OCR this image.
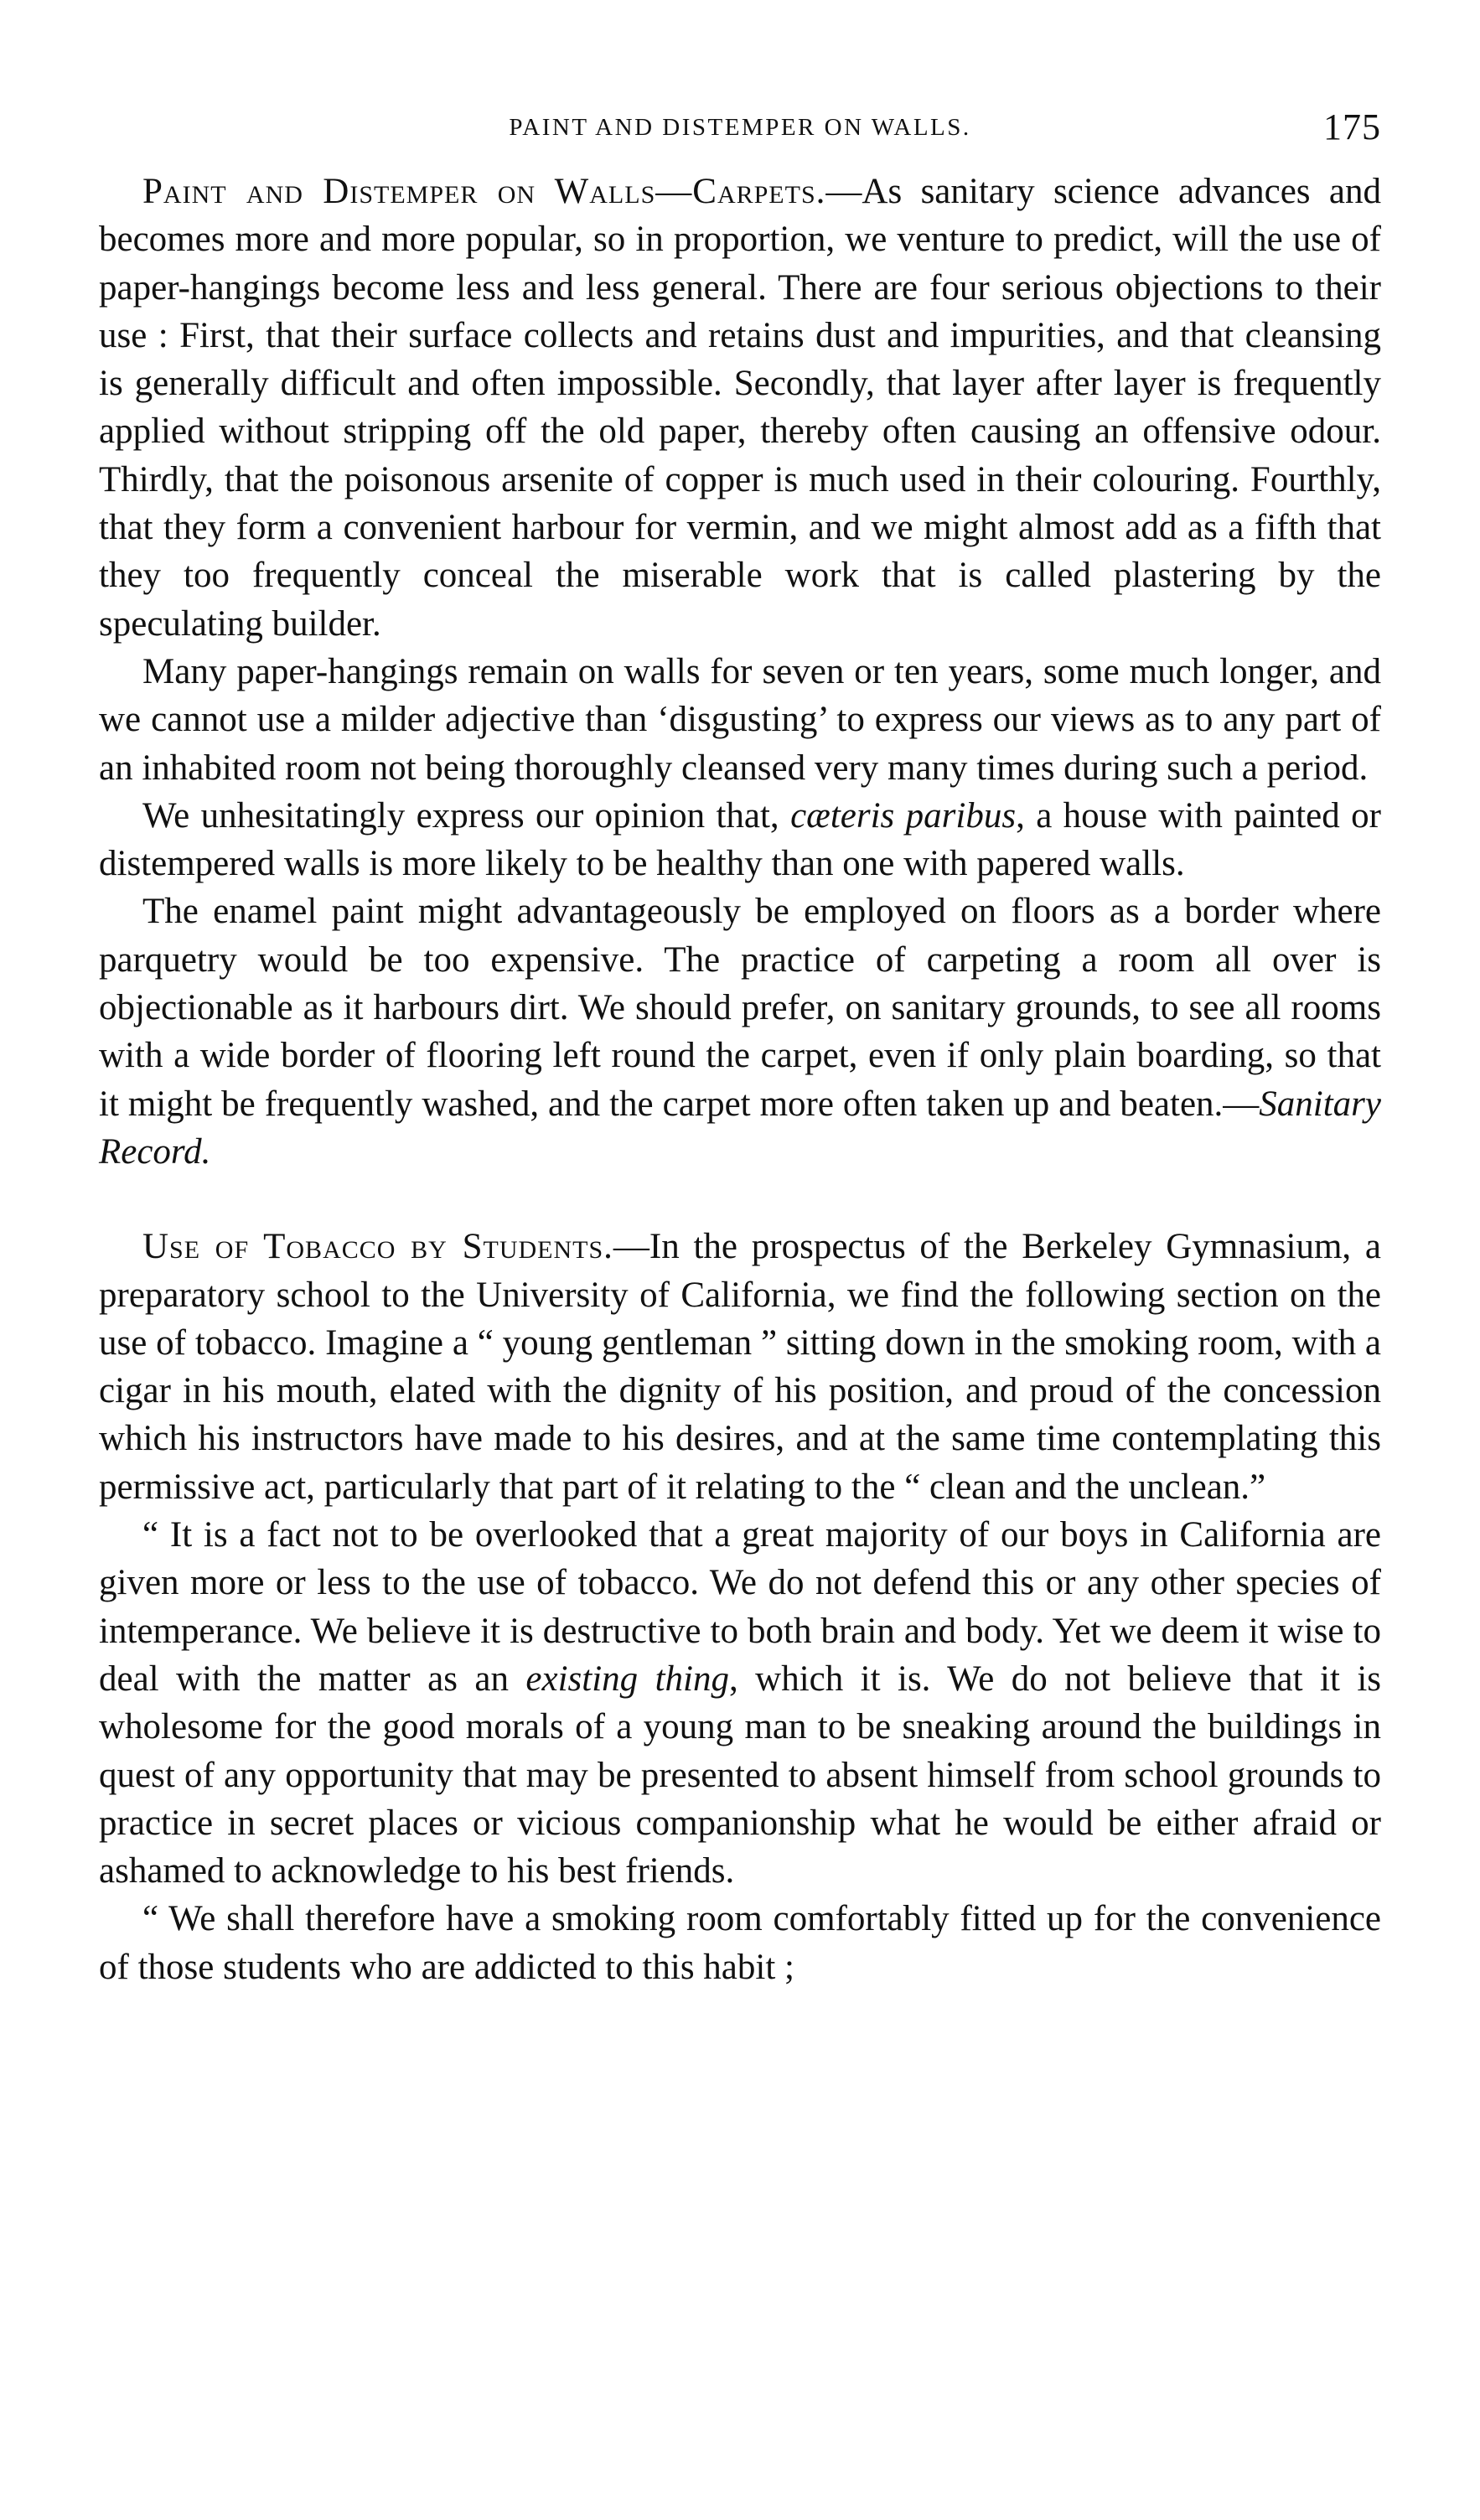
PAINT AND DISTEMPER ON WALLS.	175

Paint and Distemper on Walls—Carpets.—As sanitary science advances and becomes more and more popular, so in proportion, we venture to predict, will the use of paper-hangings become less and less general. There are four serious objections to their use : First, that their surface collects and retains dust and impurities, and that cleansing is generally difficult and often impossible. Secondly, that layer after layer is frequently applied without stripping off the old paper, thereby often causing an offensive odour. Thirdly, that the poisonous arsenite of copper is much used in their colouring. Fourthly, that they form a convenient harbour for vermin, and we might almost add as a fifth that they too frequently conceal the miserable work that is called plastering by the speculating builder.

Many paper-hangings remain on walls for seven or ten years, some much longer, and we cannot use a milder adjective than ‘disgusting’ to express our views as to any part of an inhabited room not being thoroughly cleansed very many times during such a period.

We unhesitatingly express our opinion that, cæteris paribus, a house with painted or distempered walls is more likely to be healthy than one with papered walls.

The enamel paint might advantageously be employed on floors as a border where parquetry would be too expensive. The practice of carpeting a room all over is objectionable as it harbours dirt. We should prefer, on sanitary grounds, to see all rooms with a wide border of flooring left round the carpet, even if only plain boarding, so that it might be frequently washed, and the carpet more often taken up and beaten.—Sanitary Record.

Use of Tobacco by Students.—In the prospectus of the Berkeley Gymnasium, a preparatory school to the University of California, we find the following section on the use of tobacco. Imagine a “ young gentleman ” sitting down in the smoking room, with a cigar in his mouth, elated with the dignity of his position, and proud of the concession which his instructors have made to his desires, and at the same time contemplating this permissive act, particularly that part of it relating to the “ clean and the unclean.”

“ It is a fact not to be overlooked that a great majority of our boys in California are given more or less to the use of tobacco. We do not defend this or any other species of intemperance. We believe it is destructive to both brain and body. Yet we deem it wise to deal with the matter as an existing thing, which it is. We do not believe that it is wholesome for the good morals of a young man to be sneaking around the buildings in quest of any opportunity that may be presented to absent himself from school grounds to practice in secret places or vicious companionship what he would be either afraid or ashamed to acknowledge to his best friends.

“ We shall therefore have a smoking room comfortably fitted up for the convenience of those students who are addicted to this habit ;
